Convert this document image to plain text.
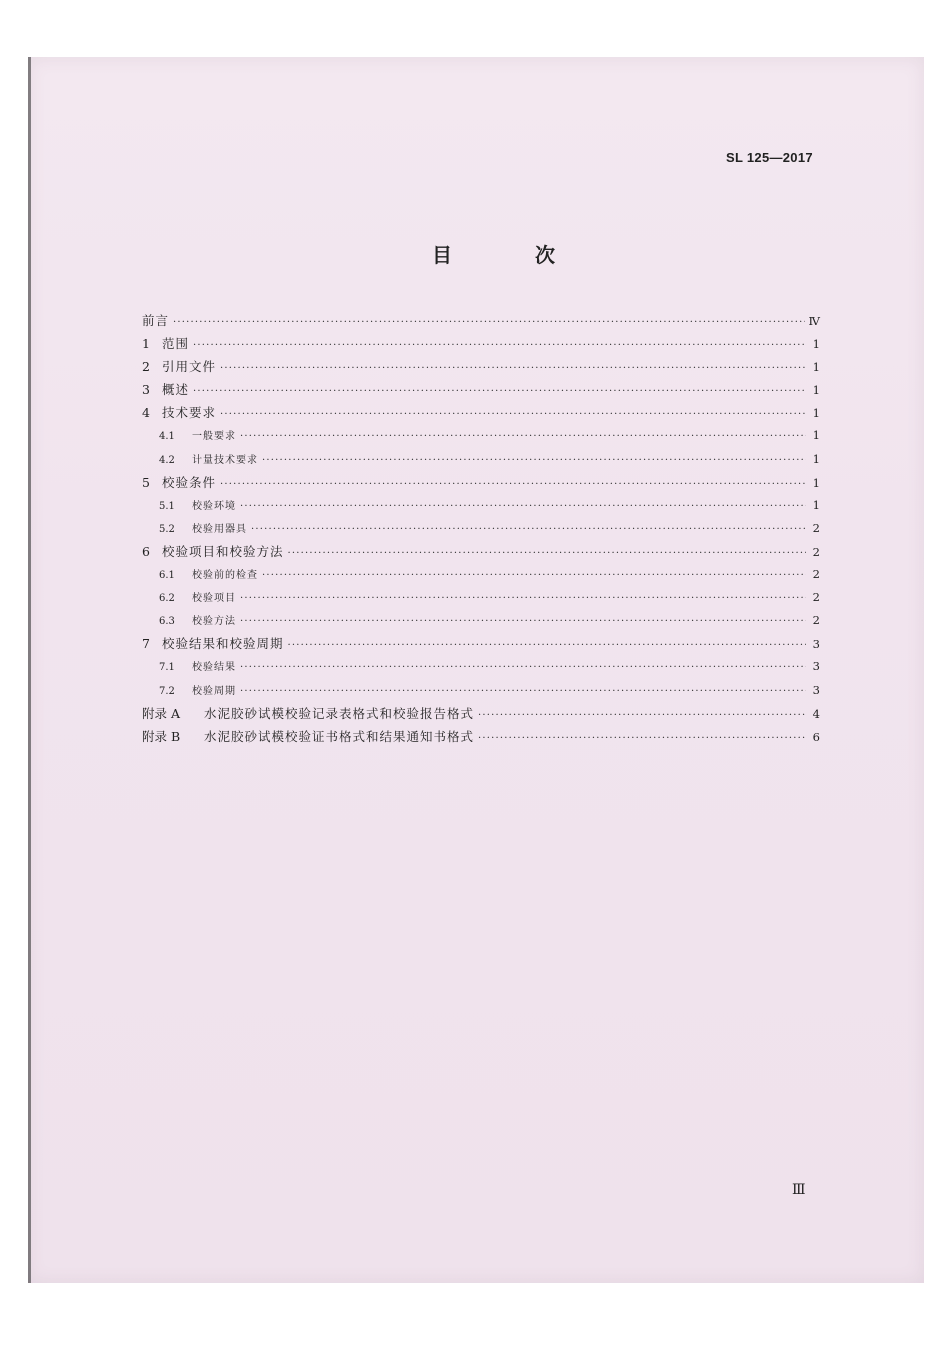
SL 125—2017
目 次
前言 ·····	Ⅳ
1 范围 ·····	1
2 引用文件 ·····	1
3 概述 ·····	1
4 技术要求 ·····	1
4.1	一般要求 ·····	1
4.2	计量技术要求 ·····	1
5 校验条件 ·····	1
5.1	校验环境 ·····	1
5.2	校验用器具 ·····	2
6 校验项目和校验方法 ·····	2
6.1	校验前的检查 ·····	2
6.2	校验项目 ·····	2
6.3	校验方法 ·····	2
7 校验结果和校验周期 ·····	3
7.1	校验结果 ·····	3
7.2	校验周期 ·····	3
附录 A	水泥胶砂试模校验记录表格式和校验报告格式 ·····	4
附录 B	水泥胶砂试模校验证书格式和结果通知书格式 ·····	6
Ⅲ
